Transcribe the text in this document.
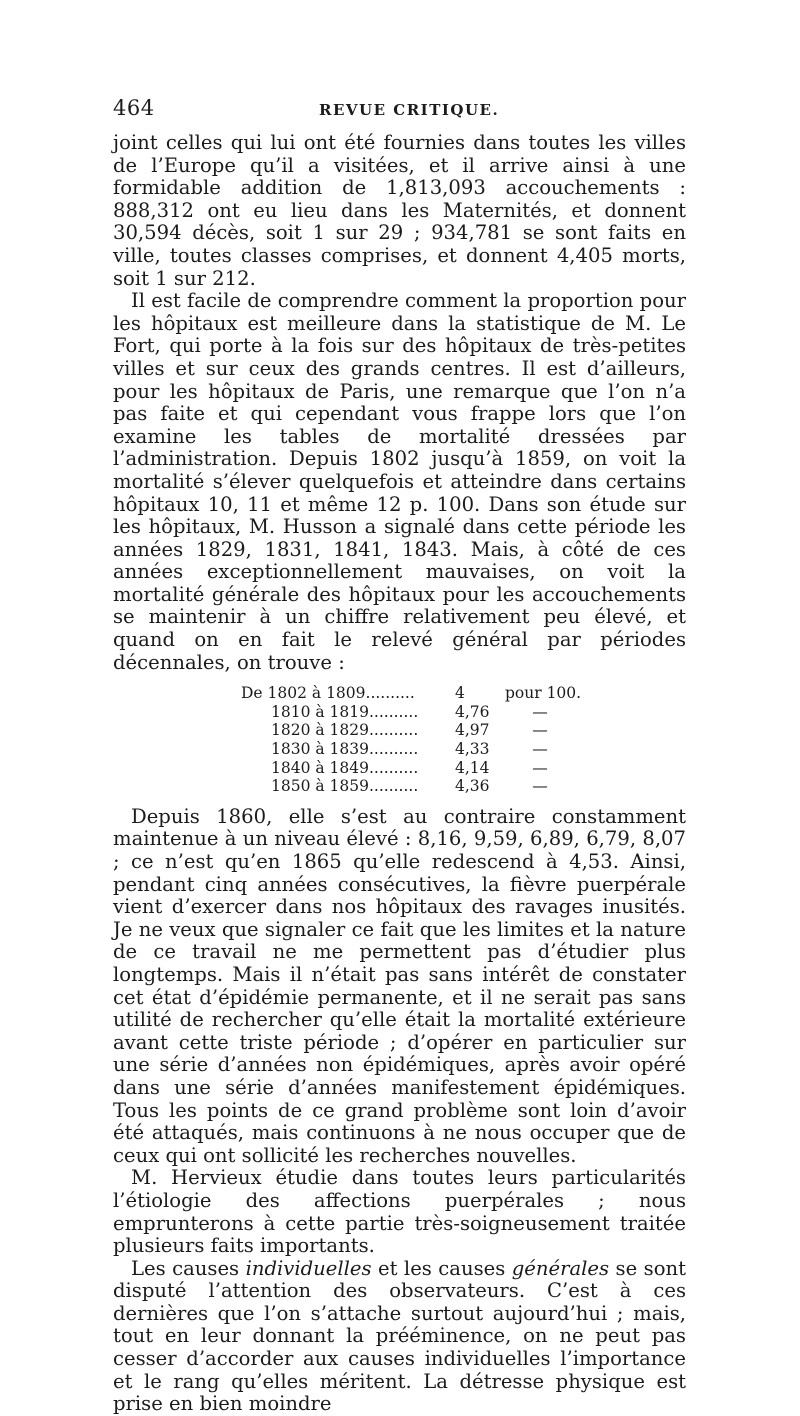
464	REVUE CRITIQUE.

joint celles qui lui ont été fournies dans toutes les villes de l’Europe qu’il a visitées, et il arrive ainsi à une formidable addition de 1,813,093 accouchements : 888,312 ont eu lieu dans les Maternités, et donnent 30,594 décès, soit 1 sur 29 ; 934,781 se sont faits en ville, toutes classes comprises, et donnent 4,405 morts, soit 1 sur 212.

Il est facile de comprendre comment la proportion pour les hôpitaux est meilleure dans la statistique de M. Le Fort, qui porte à la fois sur des hôpitaux de très-petites villes et sur ceux des grands centres. Il est d’ailleurs, pour les hôpitaux de Paris, une remarque que l’on n’a pas faite et qui cependant vous frappe lors que l’on examine les tables de mortalité dressées par l’administration. Depuis 1802 jusqu’à 1859, on voit la mortalité s’élever quelquefois et atteindre dans certains hôpitaux 10, 11 et même 12 p. 100. Dans son étude sur les hôpitaux, M. Husson a signalé dans cette période les années 1829, 1831, 1841, 1843. Mais, à côté de ces années exceptionnellement mauvaises, on voit la mortalité générale des hôpitaux pour les accouchements se maintenir à un chiffre relativement peu élevé, et quand on en fait le relevé général par périodes décennales, on trouve :

De 1802 à 1809..........	4	pour 100.
1810 à 1819..........	4,76	—
1820 à 1829..........	4,97	—
1830 à 1839..........	4,33	—
1840 à 1849..........	4,14	—
1850 à 1859..........	4,36	—

Depuis 1860, elle s’est au contraire constamment maintenue à un niveau élevé : 8,16, 9,59, 6,89, 6,79, 8,07 ; ce n’est qu’en 1865 qu’elle redescend à 4,53. Ainsi, pendant cinq années consécutives, la fièvre puerpérale vient d’exercer dans nos hôpitaux des ravages inusités. Je ne veux que signaler ce fait que les limites et la nature de ce travail ne me permettent pas d’étudier plus longtemps. Mais il n’était pas sans intérêt de constater cet état d’épidémie permanente, et il ne serait pas sans utilité de rechercher qu’elle était la mortalité extérieure avant cette triste période ; d’opérer en particulier sur une série d’années non épidémiques, après avoir opéré dans une série d’années manifestement épidémiques. Tous les points de ce grand problème sont loin d’avoir été attaqués, mais continuons à ne nous occuper que de ceux qui ont sollicité les recherches nouvelles.

M. Hervieux étudie dans toutes leurs particularités l’étiologie des affections puerpérales ; nous emprunterons à cette partie très-soigneusement traitée plusieurs faits importants.

Les causes individuelles et les causes générales se sont disputé l’attention des observateurs. C’est à ces dernières que l’on s’attache surtout aujourd’hui ; mais, tout en leur donnant la prééminence, on ne peut pas cesser d’accorder aux causes individuelles l’importance et le rang qu’elles méritent. La détresse physique est prise en bien moindre
